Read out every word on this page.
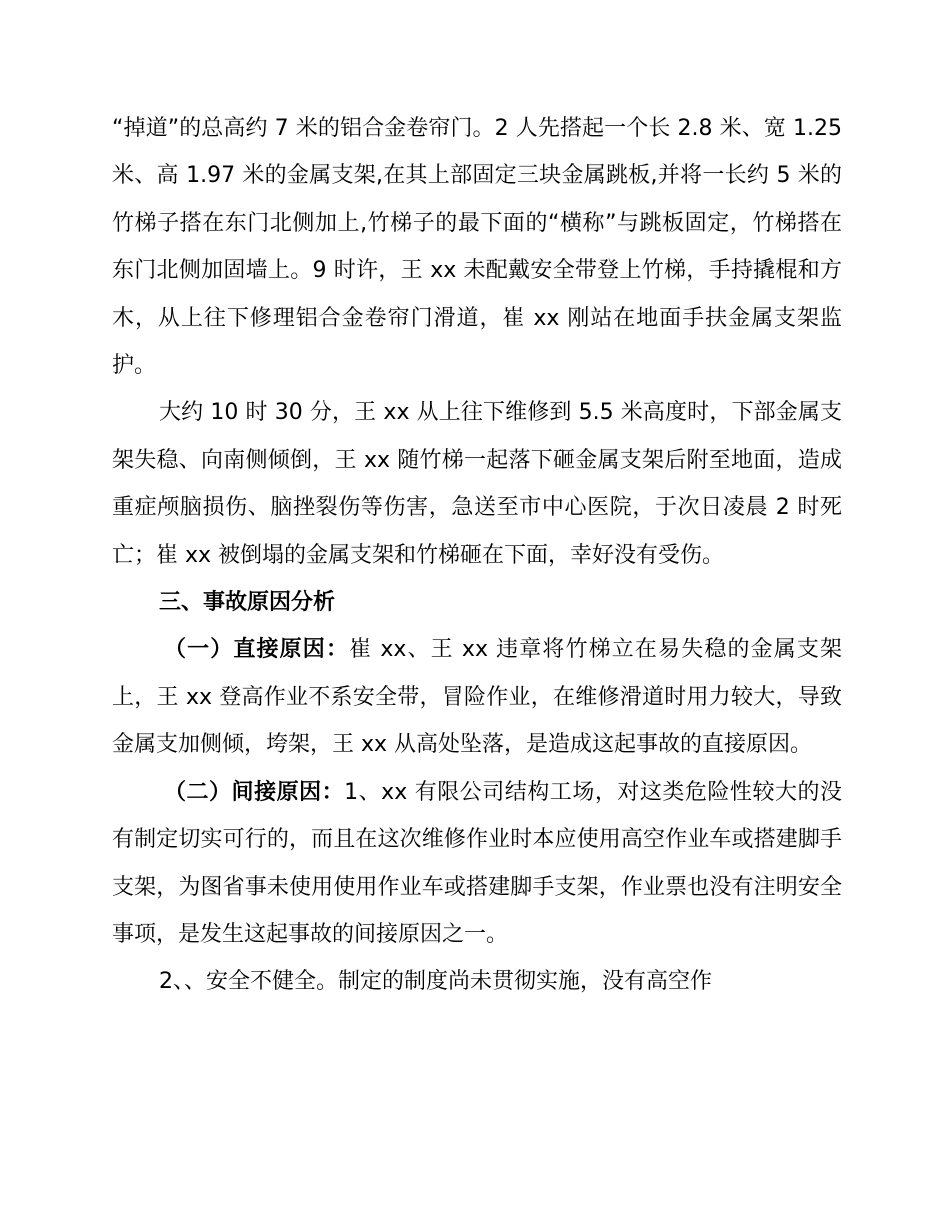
“掉道”的总高约 7 米的铝合金卷帘门。2 人先搭起一个长 2.8 米、宽 1.25 米、高 1.97 米的金属支架,在其上部固定三块金属跳板,并将一长约 5 米的竹梯子搭在东门北侧加上,竹梯子的最下面的“横称”与跳板固定，竹梯搭在东门北侧加固墙上。9 时许，王 xx 未配戴安全带登上竹梯，手持撬棍和方木，从上往下修理铝合金卷帘门滑道，崔 xx 刚站在地面手扶金属支架监护。

大约 10 时 30 分，王 xx 从上往下维修到 5.5 米高度时，下部金属支架失稳、向南侧倾倒，王 xx 随竹梯一起落下砸金属支架后附至地面，造成重症颅脑损伤、脑挫裂伤等伤害，急送至市中心医院，于次日凌晨 2 时死亡；崔 xx 被倒塌的金属支架和竹梯砸在下面，幸好没有受伤。

三、事故原因分析

（一）直接原因：崔 xx、王 xx 违章将竹梯立在易失稳的金属支架上，王 xx 登高作业不系安全带，冒险作业，在维修滑道时用力较大，导致金属支加侧倾，垮架，王 xx 从高处坠落，是造成这起事故的直接原因。

（二）间接原因：1、xx 有限公司结构工场，对这类危险性较大的没有制定切实可行的，而且在这次维修作业时本应使用高空作业车或搭建脚手支架，为图省事未使用使用作业车或搭建脚手支架，作业票也没有注明安全事项，是发生这起事故的间接原因之一。

2、、安全不健全。制定的制度尚未贯彻实施，没有高空作
